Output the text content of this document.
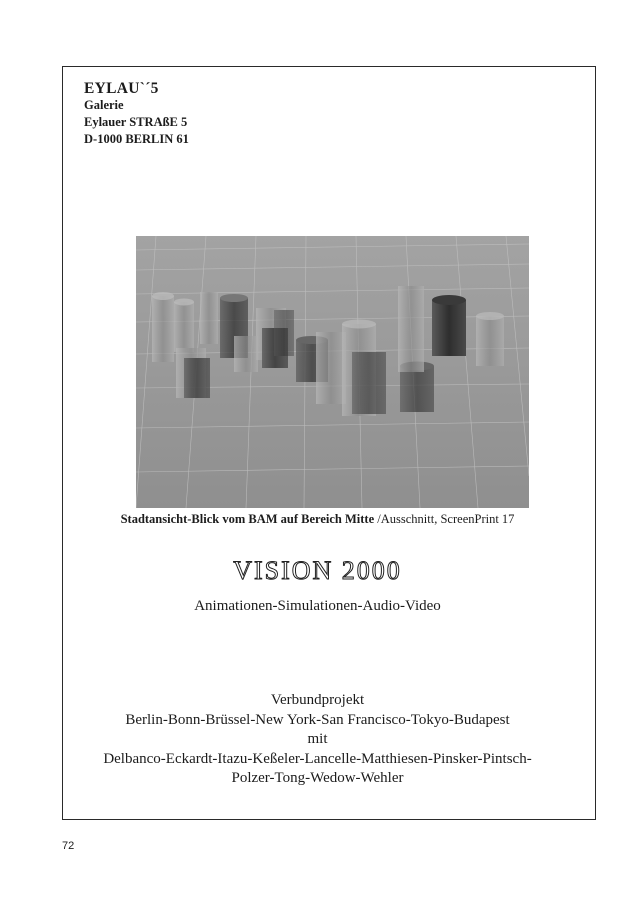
EYLAU`´5
Galerie
Eylauer STRAßE 5
D-1000 BERLIN 61
Stadtansicht-Blick vom BAM auf Bereich Mitte /Ausschnitt, ScreenPrint 17
VISION 2000
Animationen-Simulationen-Audio-Video
Verbundprojekt
Berlin-Bonn-Brüssel-New York-San Francisco-Tokyo-Budapest
mit
Delbanco-Eckardt-Itazu-Keßeler-Lancelle-Matthiesen-Pinsker-Pintsch-
Polzer-Tong-Wedow-Wehler
72
